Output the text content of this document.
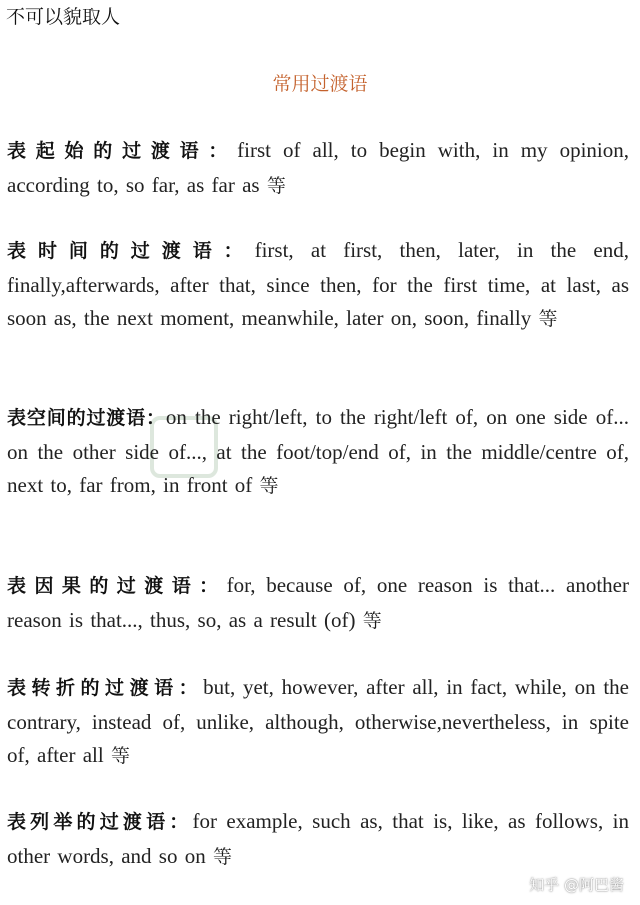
不可以貌取人
常用过渡语
表起始的过渡语：first of all, to begin with, in my opinion, according to, so far, as far as 等
表时间的过渡语：first, at first, then, later, in the end, finally,afterwards, after that, since then, for the first time, at last, as soon as, the next moment, meanwhile, later on, soon, finally 等
表空间的过渡语：on the right/left, to the right/left of, on one side of... on the other side of..., at the foot/top/end of, in the middle/centre of, next to, far from, in front of 等
表因果的过渡语：for, because of, one reason is that... another reason is that..., thus, so, as a result (of) 等
表转折的过渡语：but, yet, however, after all, in fact, while, on the contrary, instead of, unlike, although, otherwise,nevertheless, in spite of, after all 等
表列举的过渡语：for example, such as, that is, like, as follows, in other words, and so on 等
知乎 @阿巴酱
